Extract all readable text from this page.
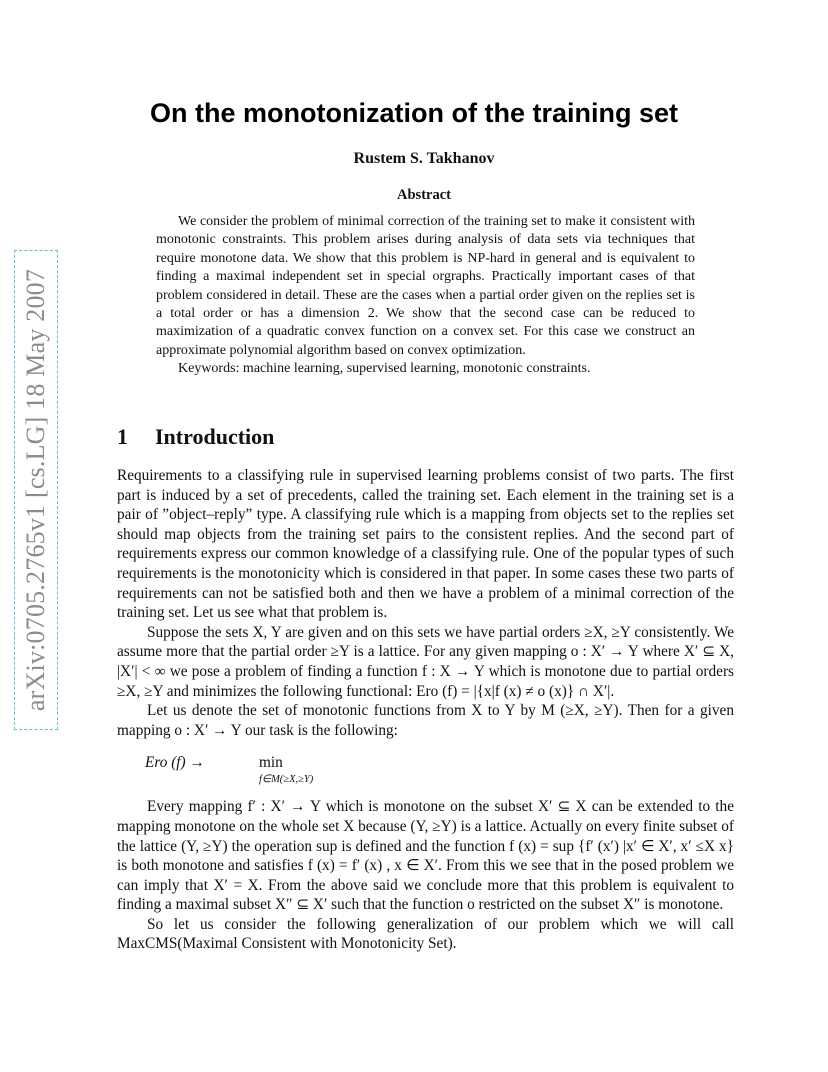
arXiv:0705.2765v1 [cs.LG] 18 May 2007
On the monotonization of the training set
Rustem S. Takhanov
Abstract

We consider the problem of minimal correction of the training set to make it consistent with monotonic constraints. This problem arises during analysis of data sets via techniques that require monotone data. We show that this problem is NP-hard in general and is equivalent to finding a maximal independent set in special orgraphs. Practically important cases of that problem considered in detail. These are the cases when a partial order given on the replies set is a total order or has a dimension 2. We show that the second case can be reduced to maximization of a quadratic convex function on a convex set. For this case we construct an approximate polynomial algorithm based on convex optimization.

Keywords: machine learning, supervised learning, monotonic constraints.

1 Introduction

Requirements to a classifying rule in supervised learning problems consist of two parts. The first part is induced by a set of precedents, called the training set. Each element in the training set is a pair of ”object–reply” type. A classifying rule which is a mapping from objects set to the replies set should map objects from the training set pairs to the consistent replies. And the second part of requirements express our common knowledge of a classifying rule. One of the popular types of such requirements is the monotonicity which is considered in that paper. In some cases these two parts of requirements can not be satisfied both and then we have a problem of a minimal correction of the training set. Let us see what that problem is.

Suppose the sets X, Y are given and on this sets we have partial orders ≥X, ≥Y consistently. We assume more that the partial order ≥Y is a lattice. For any given mapping o : X′ → Y where X′ ⊆ X, |X′| < ∞ we pose a problem of finding a function f : X → Y which is monotone due to partial orders ≥X, ≥Y and minimizes the following functional: Ero (f) = |{x|f (x) ≠ o (x)} ∩ X′|.

Let us denote the set of monotonic functions from X to Y by M (≥X, ≥Y). Then for a given mapping o : X′ → Y our task is the following:

Ero (f) →	min
f∈M(≥X,≥Y)

Every mapping f′ : X′ → Y which is monotone on the subset X′ ⊆ X can be extended to the mapping monotone on the whole set X because (Y, ≥Y) is a lattice. Actually on every finite subset of the lattice (Y, ≥Y) the operation sup is defined and the function f (x) = sup {f′ (x′) |x′ ∈ X′, x′ ≤X x} is both monotone and satisfies f (x) = f′ (x) , x ∈ X′. From this we see that in the posed problem we can imply that X′ = X. From the above said we conclude more that this problem is equivalent to finding a maximal subset X″ ⊆ X′ such that the function o restricted on the subset X″ is monotone.

So let us consider the following generalization of our problem which we will call MaxCMS(Maximal Consistent with Monotonicity Set).
